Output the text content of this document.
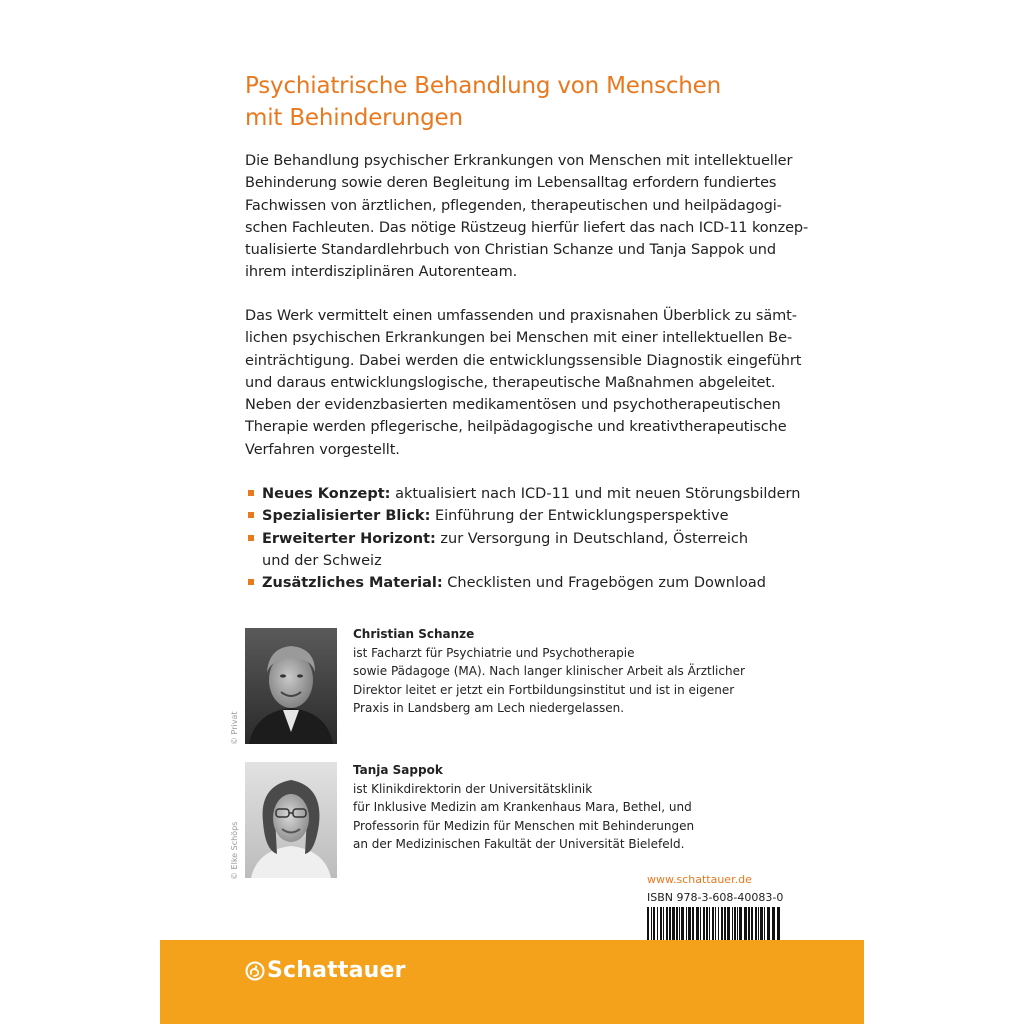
Psychiatrische Behandlung von Menschen
mit Behinderungen

Die Behandlung psychischer Erkrankungen von Menschen mit intellektueller
Behinderung sowie deren Begleitung im Lebensalltag erfordern fundiertes
Fachwissen von ärztlichen, pflegenden, therapeutischen und heilpädagogi-
schen Fachleuten. Das nötige Rüstzeug hierfür liefert das nach ICD-11 konzep-
tualisierte Standardlehrbuch von Christian Schanze und Tanja Sappok und
ihrem interdisziplinären Autorenteam.

Das Werk vermittelt einen umfassenden und praxisnahen Überblick zu sämt-
lichen psychischen Erkrankungen bei Menschen mit einer intellektuellen Be-
einträchtigung. Dabei werden die entwicklungssensible Diagnostik eingeführt
und daraus entwicklungslogische, therapeutische Maßnahmen abgeleitet.
Neben der evidenzbasierten medikamentösen und psychotherapeutischen
Therapie werden pflegerische, heilpädagogische und kreativtherapeutische
Verfahren vorgestellt.

Neues Konzept: aktualisiert nach ICD-11 und mit neuen Störungsbildern
Spezialisierter Blick: Einführung der Entwicklungsperspektive
Erweiterter Horizont: zur Versorgung in Deutschland, Österreich
und der Schweiz
Zusätzliches Material: Checklisten und Fragebögen zum Download
© Privat

Christian Schanze
ist Facharzt für Psychiatrie und Psychotherapie
sowie Pädagoge (MA). Nach langer klinischer Arbeit als Ärztlicher
Direktor leitet er jetzt ein Fortbildungsinstitut und ist in eigener
Praxis in Landsberg am Lech niedergelassen.

© Elke Schöps

Tanja Sappok
ist Klinikdirektorin der Universitätsklinik
für Inklusive Medizin am Krankenhaus Mara, Bethel, und
Professorin für Medizin für Menschen mit Behinderungen
an der Medizinischen Fakultät der Universität Bielefeld.

www.schattauer.de
ISBN 978-3-608-40083-0
Schattauer
